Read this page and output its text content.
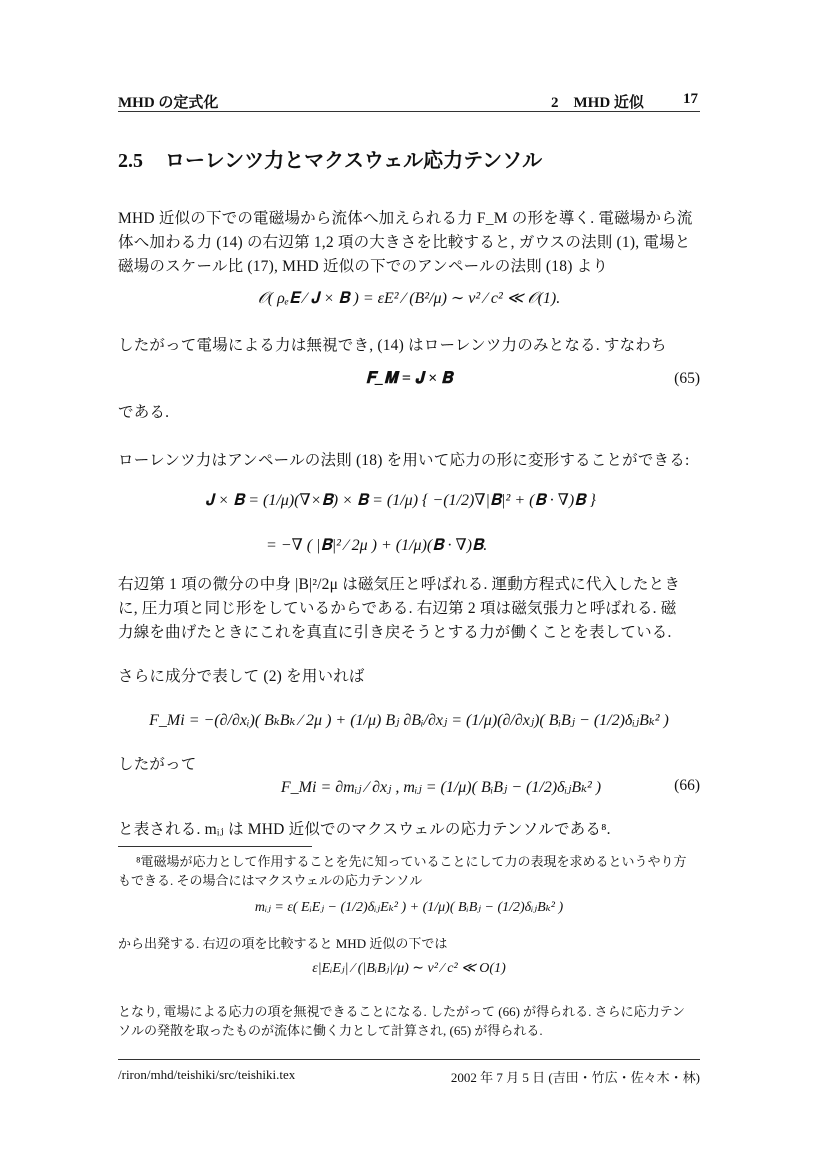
MHD の定式化	2　MHD 近似	17
2.5 ローレンツ力とマクスウェル応力テンソル
MHD 近似の下での電磁場から流体へ加えられる力 F_M の形を導く. 電磁場から流
体へ加わる力 (14) の右辺第 1,2 項の大きさを比較すると, ガウスの法則 (1), 電場と
磁場のスケール比 (17), MHD 近似の下でのアンペールの法則 (18) より
𝒪( ρₑ𝐄 ⁄ 𝐉 × 𝐁 ) = εE² ⁄ (B²/μ) ∼ v² ⁄ c² ≪ 𝒪(1).
したがって電場による力は無視でき, (14) はローレンツ力のみとなる. すなわち
𝐅_𝐌 = 𝐉 × 𝐁	(65)
である.
ローレンツ力はアンペールの法則 (18) を用いて応力の形に変形することができる:
𝐉 × 𝐁 = (1/μ)(∇×𝐁) × 𝐁 = (1/μ) { −(1/2)∇|𝐁|² + (𝐁 · ∇)𝐁 }
= −∇ ( |𝐁|² ⁄ 2μ ) + (1/μ)(𝐁 · ∇)𝐁.
右辺第 1 項の微分の中身 |B|²/2μ は磁気圧と呼ばれる. 運動方程式に代入したとき
に, 圧力項と同じ形をしているからである. 右辺第 2 項は磁気張力と呼ばれる. 磁
力線を曲げたときにこれを真直に引き戻そうとする力が働くことを表している.
さらに成分で表して (2) を用いれば
F_Mi = −(∂/∂xᵢ)( BₖBₖ ⁄ 2μ ) + (1/μ) Bⱼ ∂Bᵢ/∂xⱼ = (1/μ)(∂/∂xⱼ)( BᵢBⱼ − (1/2)δᵢⱼBₖ² )
したがって
F_Mi = ∂mᵢⱼ ⁄ ∂xⱼ , mᵢⱼ = (1/μ)( BᵢBⱼ − (1/2)δᵢⱼBₖ² )	(66)
と表される. mᵢⱼ は MHD 近似でのマクスウェルの応力テンソルである⁸.
⁸電磁場が応力として作用することを先に知っていることにして力の表現を求めるというやり方
もできる. その場合にはマクスウェルの応力テンソル
mᵢⱼ = ε( EᵢEⱼ − (1/2)δᵢⱼEₖ² ) + (1/μ)( BᵢBⱼ − (1/2)δᵢⱼBₖ² )
から出発する. 右辺の項を比較すると MHD 近似の下では
ε|EᵢEⱼ| ⁄ (|BᵢBⱼ|/μ) ∼ v² ⁄ c² ≪ O(1)
となり, 電場による応力の項を無視できることになる. したがって (66) が得られる. さらに応力テン
ソルの発散を取ったものが流体に働く力として計算され, (65) が得られる.
/riron/mhd/teishiki/src/teishiki.tex	2002 年 7 月 5 日 (吉田・竹広・佐々木・林)
